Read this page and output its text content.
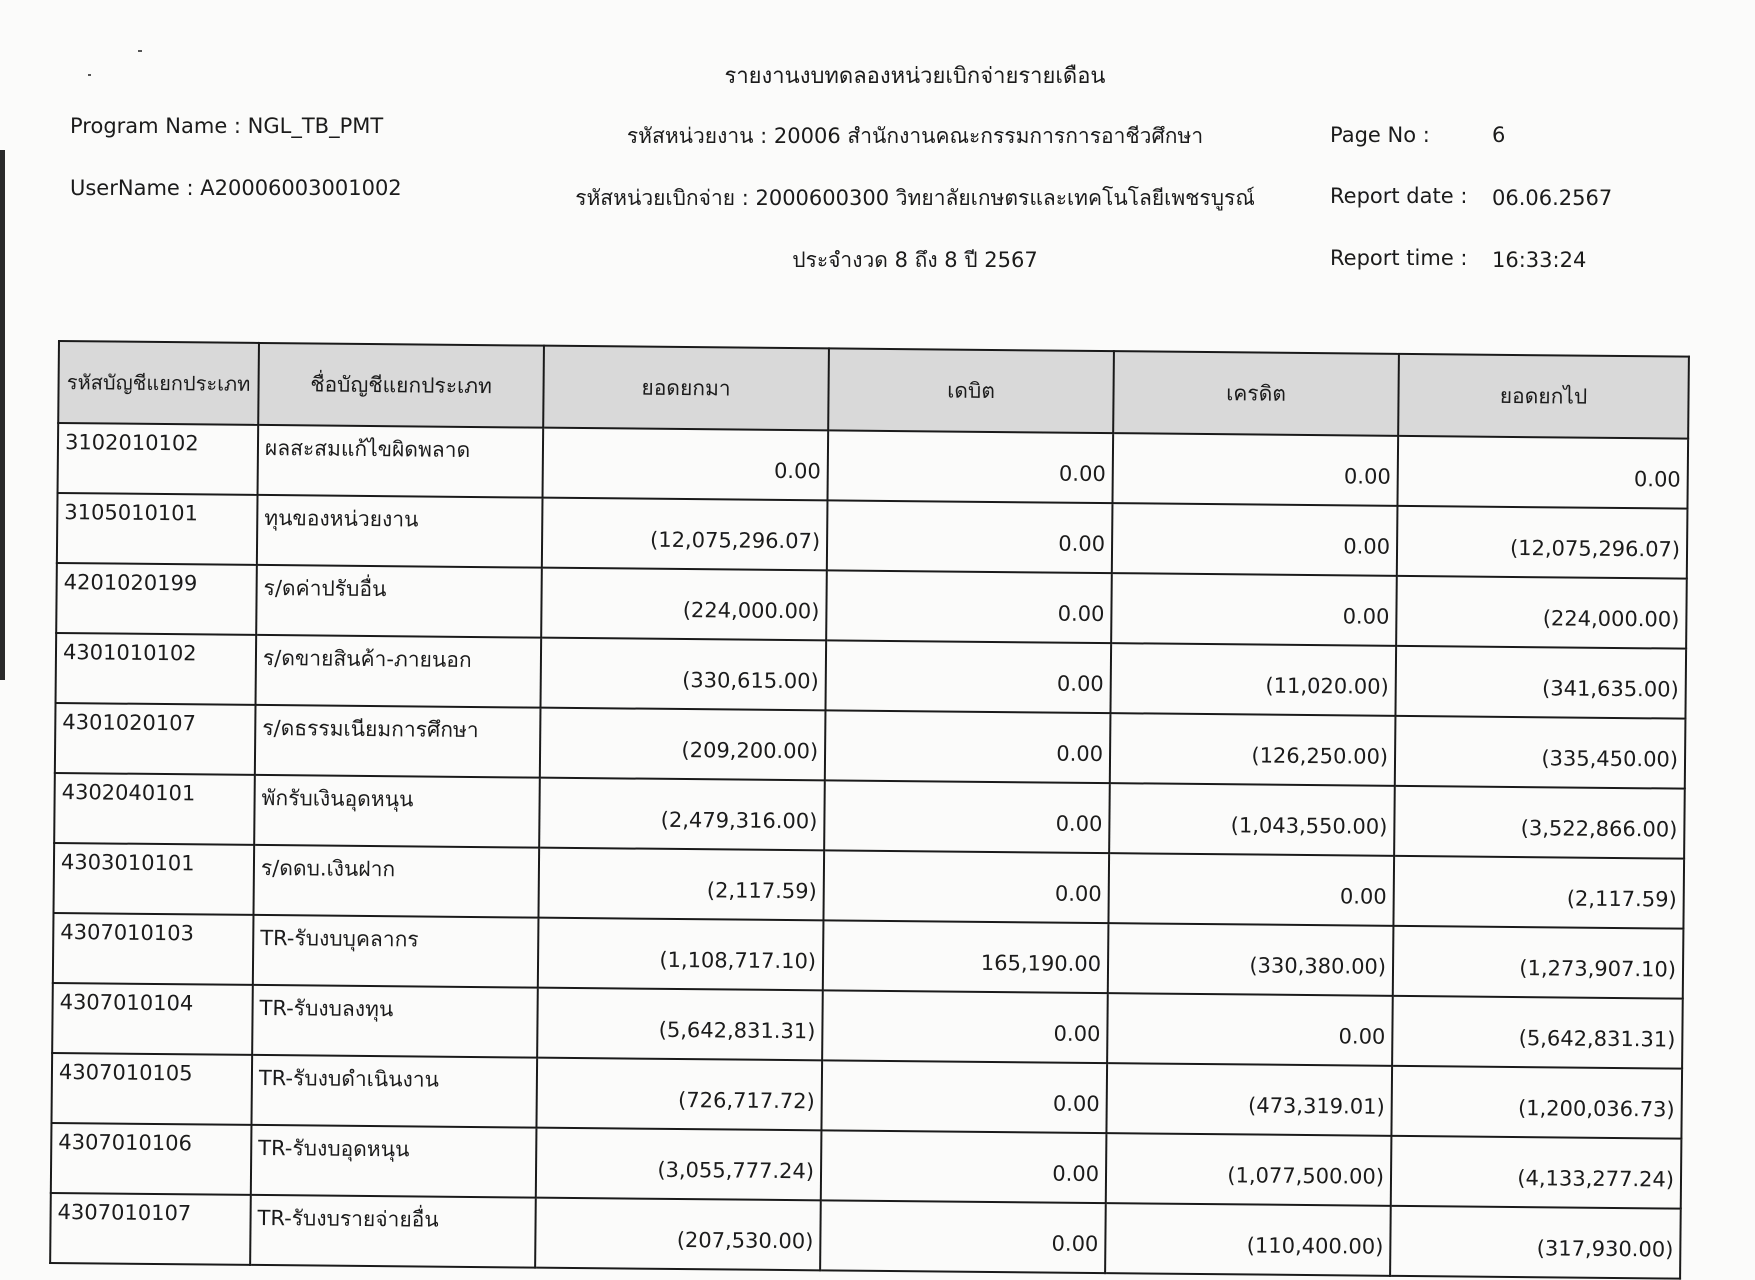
รายงานงบทดลองหน่วยเบิกจ่ายรายเดือน
Program Name : NGL_TB_PMT
UserName : A20006003001002
รหัสหน่วยงาน : 20006 สำนักงานคณะกรรมการการอาชีวศึกษา
รหัสหน่วยเบิกจ่าย : 2000600300 วิทยาลัยเกษตรและเทคโนโลยีเพชรบูรณ์
ประจำงวด 8 ถึง 8 ปี 2567
Page No :	6
Report date : 06.06.2567
Report time : 16:33:24
รหัสบัญชีแยกประเภท	ชื่อบัญชีแยกประเภท	ยอดยกมา	เดบิต	เครดิต	ยอดยกไป
3102010102	ผลสะสมแก้ไขผิดพลาด	0.00	0.00	0.00	0.00
3105010101	ทุนของหน่วยงาน	(12,075,296.07)	0.00	0.00	(12,075,296.07)
4201020199	ร/ดค่าปรับอื่น	(224,000.00)	0.00	0.00	(224,000.00)
4301010102	ร/ดขายสินค้า-ภายนอก	(330,615.00)	0.00	(11,020.00)	(341,635.00)
4301020107	ร/ดธรรมเนียมการศึกษา	(209,200.00)	0.00	(126,250.00)	(335,450.00)
4302040101	พักรับเงินอุดหนุน	(2,479,316.00)	0.00	(1,043,550.00)	(3,522,866.00)
4303010101	ร/ดดบ.เงินฝาก	(2,117.59)	0.00	0.00	(2,117.59)
4307010103	TR-รับงบบุคลากร	(1,108,717.10)	165,190.00	(330,380.00)	(1,273,907.10)
4307010104	TR-รับงบลงทุน	(5,642,831.31)	0.00	0.00	(5,642,831.31)
4307010105	TR-รับงบดำเนินงาน	(726,717.72)	0.00	(473,319.01)	(1,200,036.73)
4307010106	TR-รับงบอุดหนุน	(3,055,777.24)	0.00	(1,077,500.00)	(4,133,277.24)
4307010107	TR-รับงบรายจ่ายอื่น	(207,530.00)	0.00	(110,400.00)	(317,930.00)
